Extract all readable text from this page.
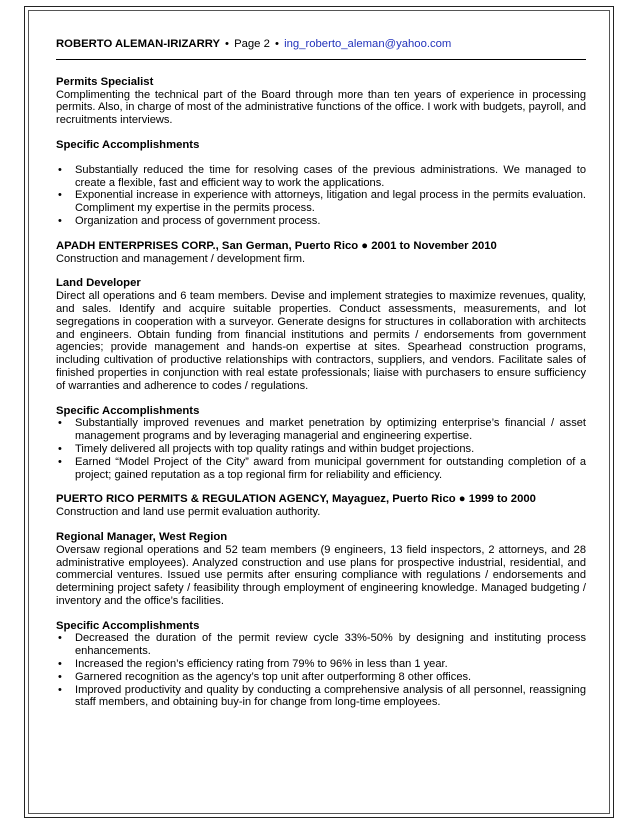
ROBERTO ALEMAN-IRIZARRY • Page 2 • ing_roberto_aleman@yahoo.com
Permits Specialist

Complimenting the technical part of the Board through more than ten years of experience in processing permits. Also, in charge of most of the administrative functions of the office. I work with budgets, payroll, and recruitments interviews.

Specific Accomplishments
• Substantially reduced the time for resolving cases of the previous administrations. We managed to create a flexible, fast and efficient way to work the applications.
• Exponential increase in experience with attorneys, litigation and legal process in the permits evaluation. Compliment my expertise in the permits process.
• Organization and process of government process.
APADH ENTERPRISES CORP., San German, Puerto Rico ● 2001 to November 2010

Construction and management / development firm.

Land Developer

Direct all operations and 6 team members. Devise and implement strategies to maximize revenues, quality, and sales. Identify and acquire suitable properties. Conduct assessments, measurements, and lot segregations in cooperation with a surveyor. Generate designs for structures in collaboration with architects and engineers. Obtain funding from financial institutions and permits / endorsements from government agencies; provide management and hands-on expertise at sites. Spearhead construction programs, including cultivation of productive relationships with contractors, suppliers, and vendors. Facilitate sales of finished properties in conjunction with real estate professionals; liaise with purchasers to ensure sufficiency of warranties and adherence to codes / regulations.

Specific Accomplishments
• Substantially improved revenues and market penetration by optimizing enterprise’s financial / asset management programs and by leveraging managerial and engineering expertise.
• Timely delivered all projects with top quality ratings and within budget projections.
• Earned “Model Project of the City” award from municipal government for outstanding completion of a project; gained reputation as a top regional firm for reliability and efficiency.
PUERTO RICO PERMITS & REGULATION AGENCY, Mayaguez, Puerto Rico ● 1999 to 2000

Construction and land use permit evaluation authority.

Regional Manager, West Region

Oversaw regional operations and 52 team members (9 engineers, 13 field inspectors, 2 attorneys, and 28 administrative employees). Analyzed construction and use plans for prospective industrial, residential, and commercial ventures. Issued use permits after ensuring compliance with regulations / endorsements and determining project safety / feasibility through employment of engineering knowledge. Managed budgeting / inventory and the office’s facilities.

Specific Accomplishments
• Decreased the duration of the permit review cycle 33%-50% by designing and instituting process enhancements.
• Increased the region’s efficiency rating from 79% to 96% in less than 1 year.
• Garnered recognition as the agency’s top unit after outperforming 8 other offices.
• Improved productivity and quality by conducting a comprehensive analysis of all personnel, reassigning staff members, and obtaining buy-in for change from long-time employees.
